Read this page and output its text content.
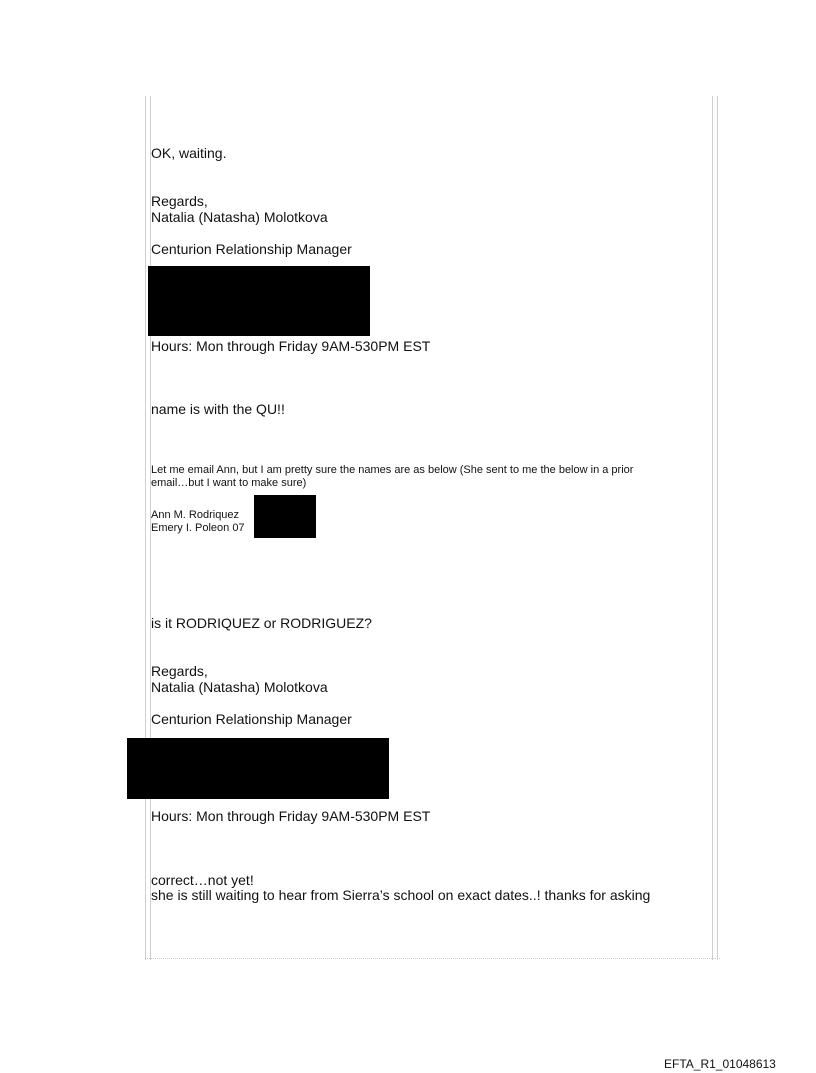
OK, waiting.
Regards,
Natalia (Natasha) Molotkova
Centurion Relationship Manager
Hours: Mon through Friday 9AM-530PM EST
name is with the QU!!
Let me email Ann, but I am pretty sure the names are as below (She sent to me the below in a prior
email…but I want to make sure)
Ann M. Rodriquez
Emery I. Poleon 07
is it RODRIQUEZ or RODRIGUEZ?
Regards,
Natalia (Natasha) Molotkova
Centurion Relationship Manager
Hours: Mon through Friday 9AM-530PM EST
correct…not yet!
she is still waiting to hear from Sierra’s school on exact dates..! thanks for asking
EFTA_R1_01048613
